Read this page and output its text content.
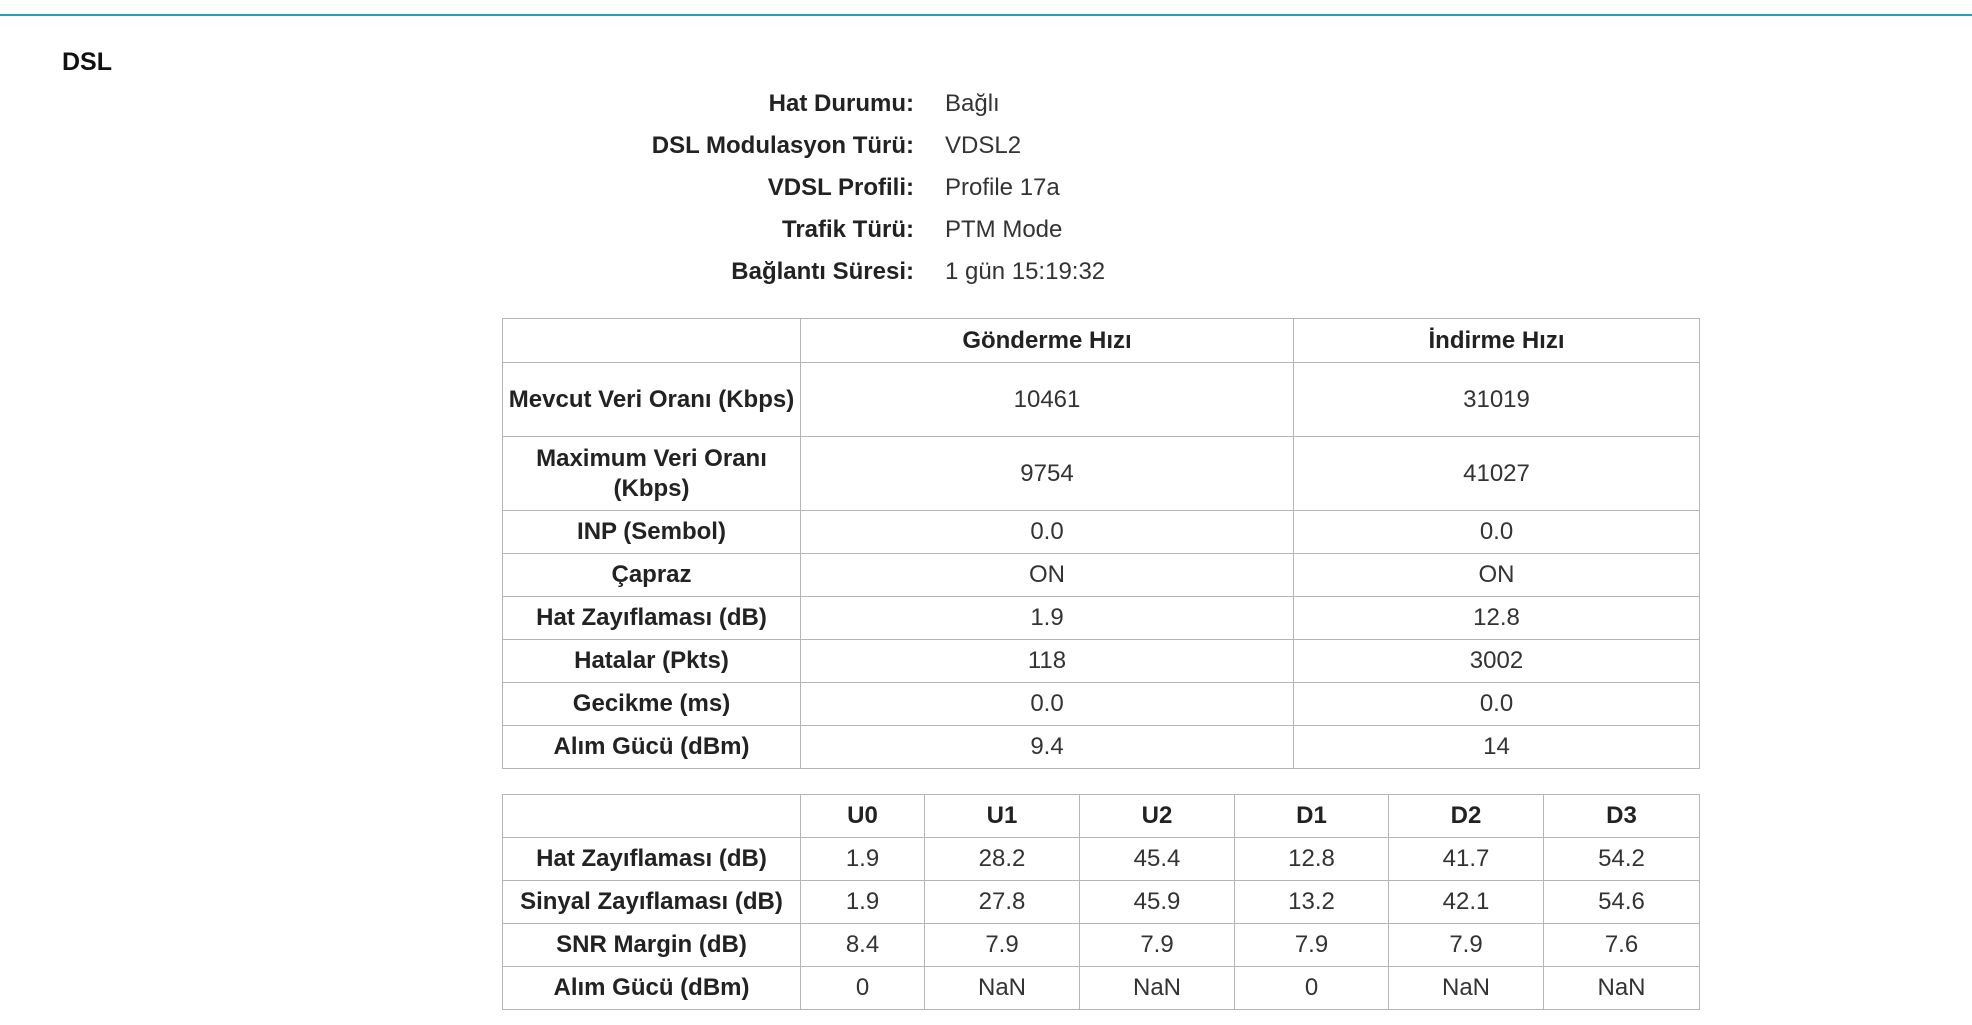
DSL
Hat Durumu: Bağlı
DSL Modulasyon Türü: VDSL2
VDSL Profili: Profile 17a
Trafik Türü: PTM Mode
Bağlantı Süresi: 1 gün 15:19:32
	Gönderme Hızı	İndirme Hızı
Mevcut Veri Oranı (Kbps)	10461	31019
Maximum Veri Oranı (Kbps)	9754	41027
INP (Sembol)	0.0	0.0
Çapraz	ON	ON
Hat Zayıflaması (dB)	1.9	12.8
Hatalar (Pkts)	118	3002
Gecikme (ms)	0.0	0.0
Alım Gücü (dBm)	9.4	14
	U0	U1	U2	D1	D2	D3
Hat Zayıflaması (dB)	1.9	28.2	45.4	12.8	41.7	54.2
Sinyal Zayıflaması (dB)	1.9	27.8	45.9	13.2	42.1	54.6
SNR Margin (dB)	8.4	7.9	7.9	7.9	7.9	7.6
Alım Gücü (dBm)	0	NaN	NaN	0	NaN	NaN
